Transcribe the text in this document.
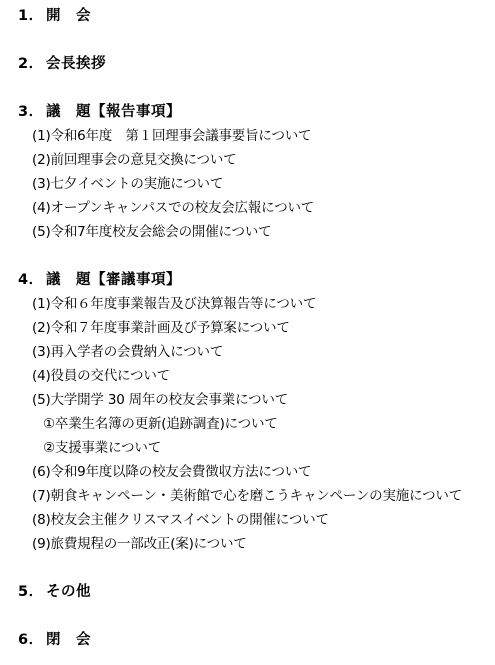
1． 開　会
2． 会長挨拶
3． 議　題【報告事項】
(1)令和6年度　第１回理事会議事要旨について
(2)前回理事会の意見交換について
(3)七夕イベントの実施について
(4)オープンキャンパスでの校友会広報について
(5)令和7年度校友会総会の開催について
4． 議　題【審議事項】
(1)令和６年度事業報告及び決算報告等について
(2)令和７年度事業計画及び予算案について
(3)再入学者の会費納入について
(4)役員の交代について
(5)大学開学 30 周年の校友会事業について
①卒業生名簿の更新(追跡調査)について
②支援事業について
(6)令和9年度以降の校友会費徴収方法について
(7)朝食キャンペーン・美術館で心を磨こうキャンペーンの実施について
(8)校友会主催クリスマスイベントの開催について
(9)旅費規程の一部改正(案)について
5． その他
6． 閉　会
